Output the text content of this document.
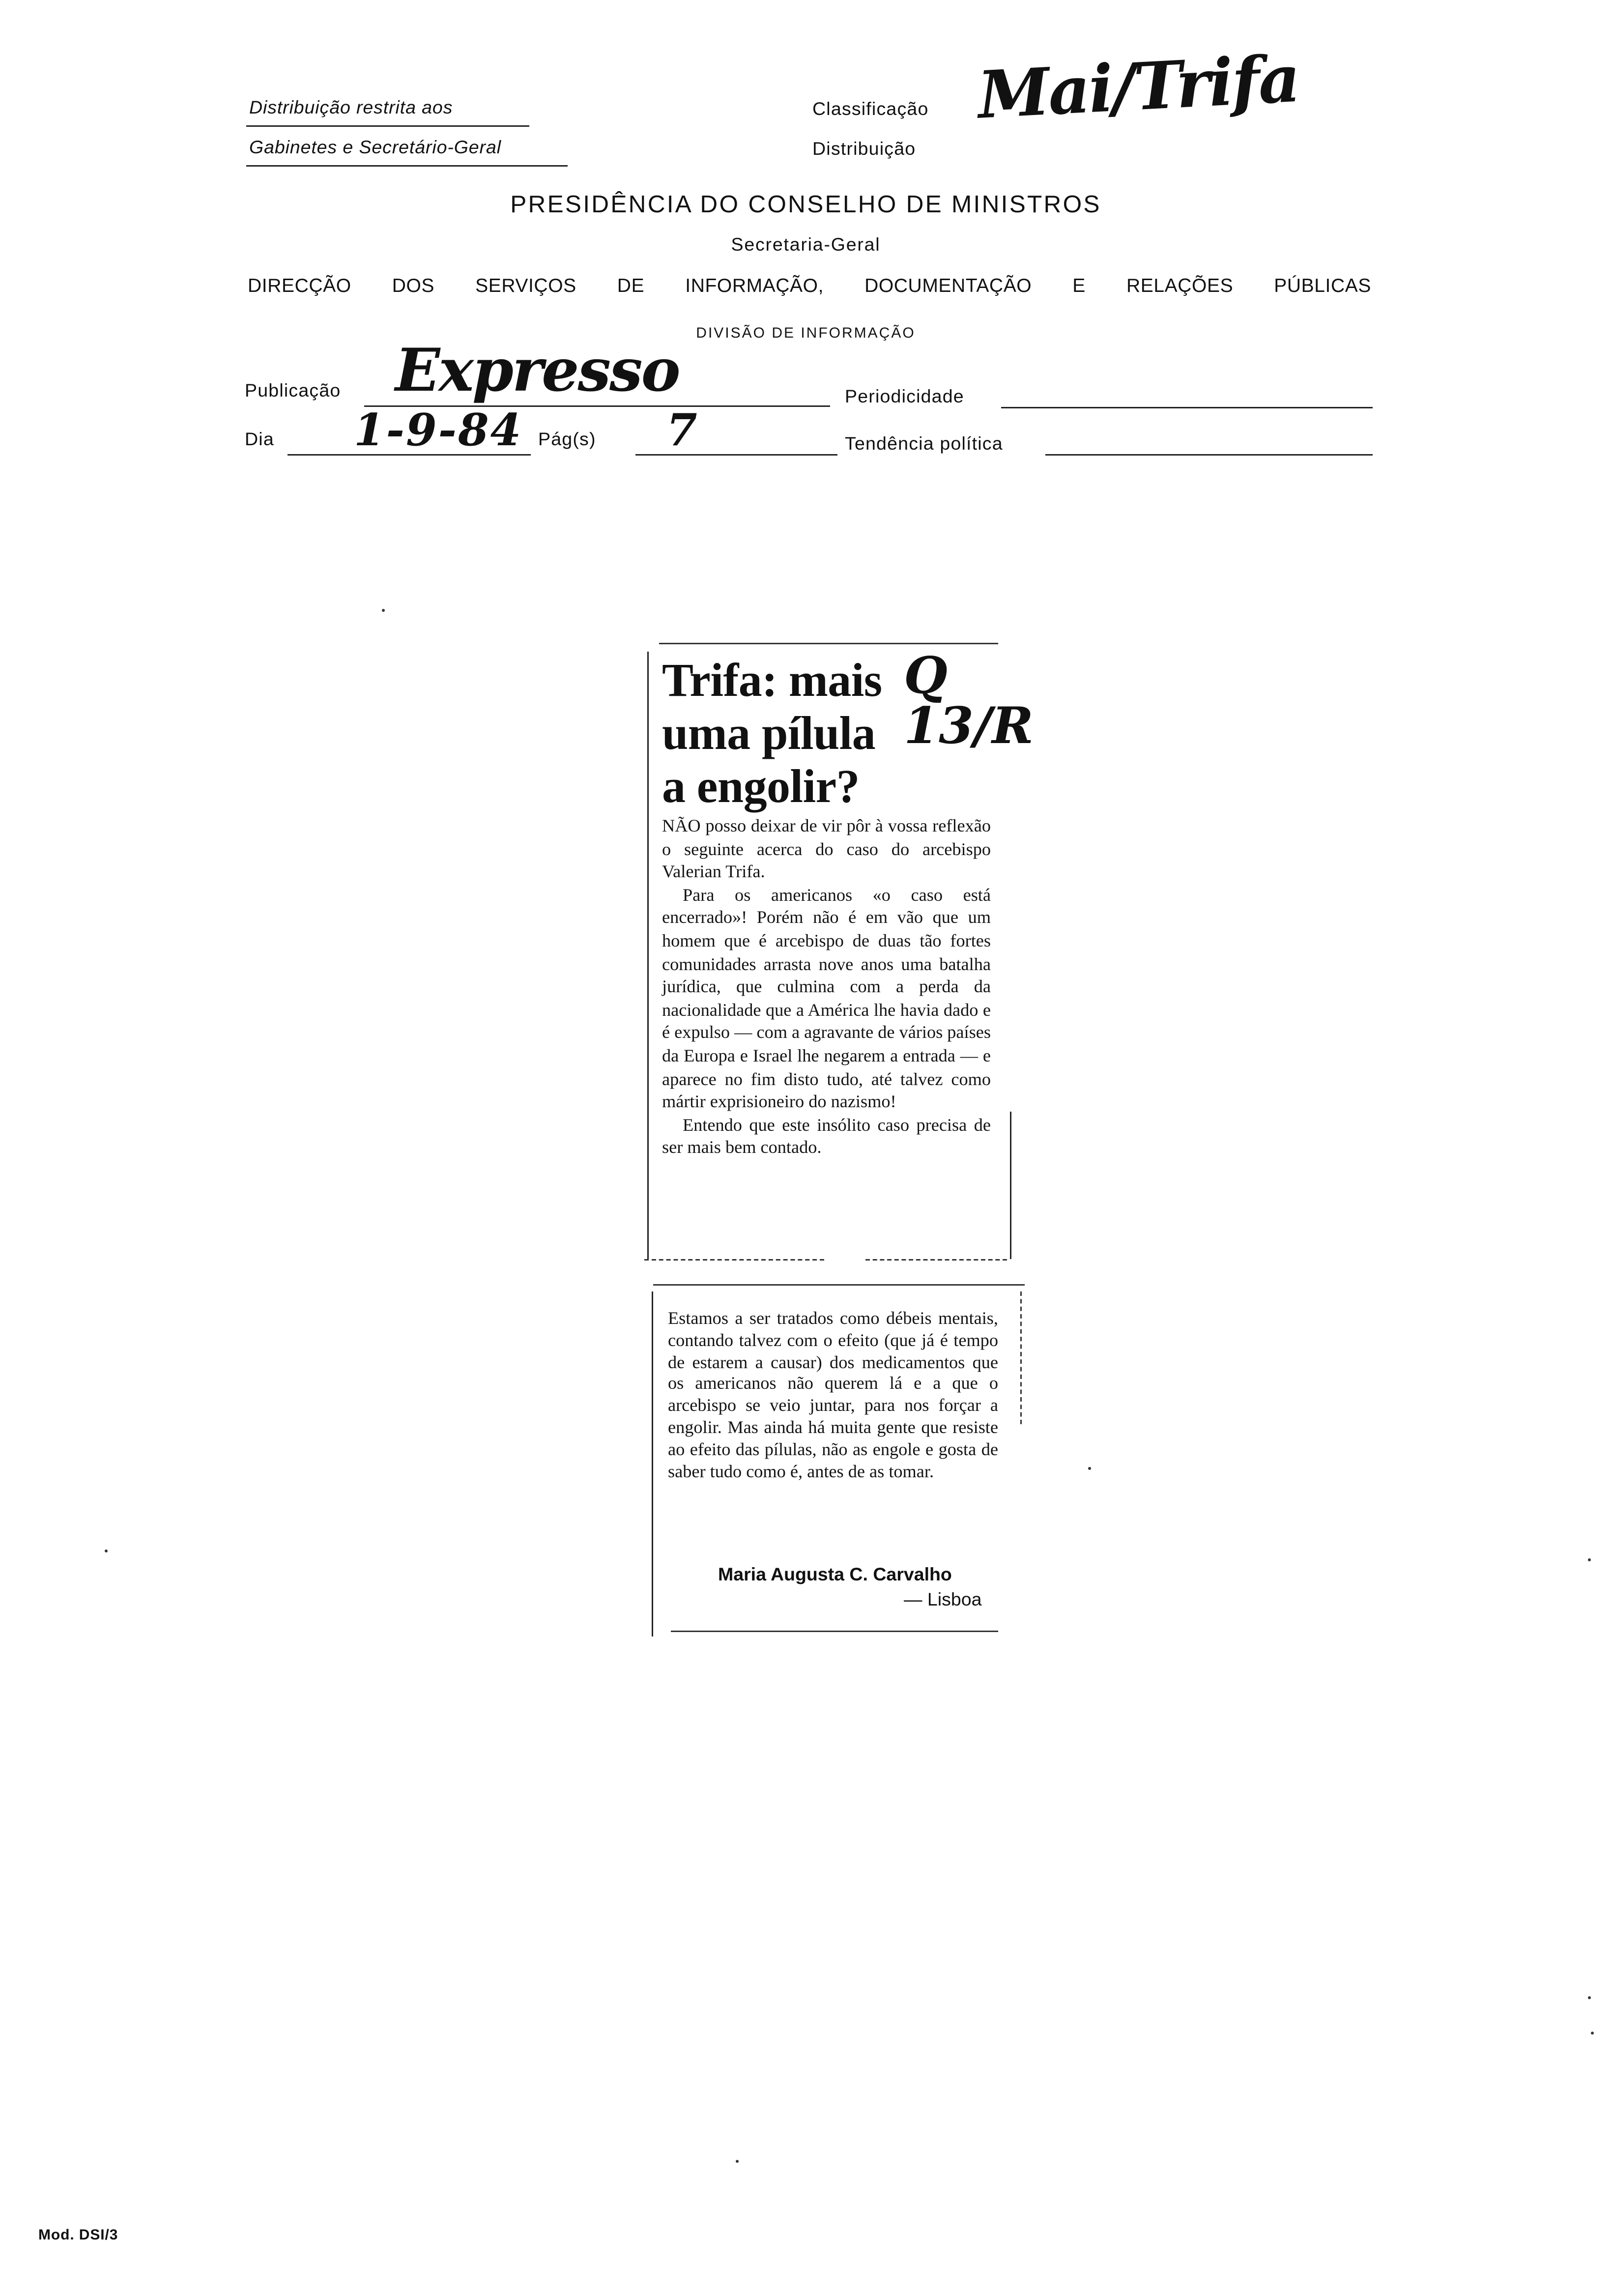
Distribuição restrita aos
Gabinetes e Secretário-Geral
Classificação
Distribuição
Mai/Trifa
PRESIDÊNCIA DO CONSELHO DE MINISTROS
Secretaria-Geral
DIRECÇÃO DOS SERVIÇOS DE INFORMAÇÃO, DOCUMENTAÇÃO E RELAÇÕES PÚBLICAS
DIVISÃO DE INFORMAÇÃO
Publicação	Expresso	Periodicidade
Dia	1-9-84	Pág(s)	7	Tendência política
Trifa: mais
uma pílula
a engolir?
Q 13/R

NÃO posso deixar de vir pôr à vossa reflexão o seguinte acerca do caso do arcebispo Valerian Trifa.

Para os americanos «o caso está encerrado»! Porém não é em vão que um homem que é arcebispo de duas tão fortes comunidades arrasta nove anos uma batalha jurídica, que culmina com a perda da nacionalidade que a América lhe havia dado e é expulso — com a agravante de vários países da Europa e Israel lhe negarem a entrada — e aparece no fim disto tudo, até talvez como mártir exprisioneiro do nazismo!

Entendo que este insólito caso precisa de ser mais bem contado.

Estamos a ser tratados como débeis mentais, contando talvez com o efeito (que já é tempo de estarem a causar) dos medicamentos que os americanos não querem lá e a que o arcebispo se veio juntar, para nos forçar a engolir. Mas ainda há muita gente que resiste ao efeito das pílulas, não as engole e gosta de saber tudo como é, antes de as tomar.

Maria Augusta C. Carvalho
— Lisboa
Mod. DSI/3
